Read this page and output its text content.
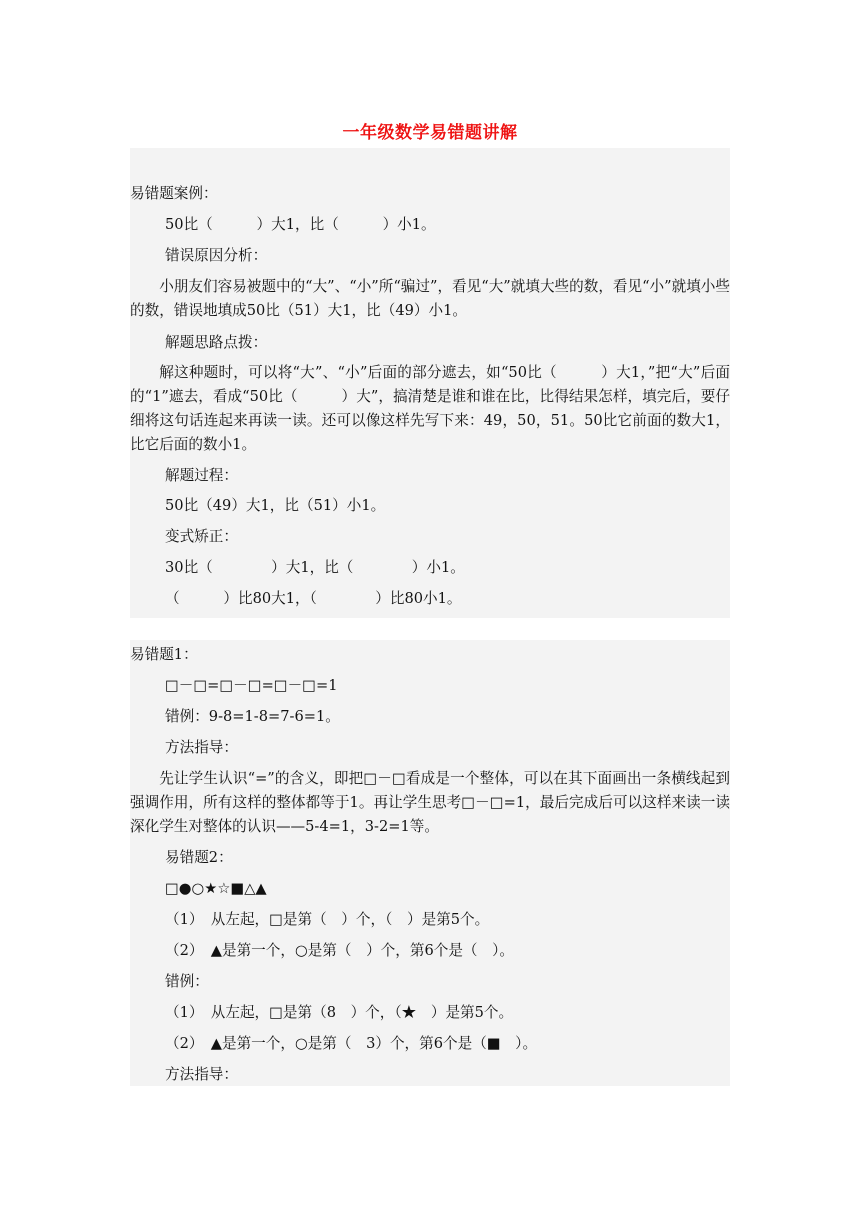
一年级数学易错题讲解
易错题案例：
50比（　　　）大1，比（　　　）小1。
错误原因分析：
小朋友们容易被题中的“大”、“小”所“骗过”，看见“大”就填大些的数，看见“小”就填小些的数，错误地填成50比（51）大1，比（49）小1。
解题思路点拨：
解这种题时，可以将“大”、“小”后面的部分遮去，如“50比（　　　）大1，”把“大”后面的“1”遮去，看成“50比（　　　）大”，搞清楚是谁和谁在比，比得结果怎样，填完后，要仔细将这句话连起来再读一读。还可以像这样先写下来：49，50，51。50比它前面的数大1，比它后面的数小1。
解题过程：
50比（49）大1，比（51）小1。
变式矫正：
30比（　　　　）大1，比（　　　　）小1。
（　　　）比80大1，（　　　　）比80小1。
易错题1：
□－□=□－□=□－□=1
错例：9-8=1-8=7-6=1。
方法指导：
先让学生认识“=”的含义，即把□－□看成是一个整体，可以在其下面画出一条横线起到强调作用，所有这样的整体都等于1。再让学生思考□－□=1，最后完成后可以这样来读一读深化学生对整体的认识——5-4=1，3-2=1等。
易错题2：
□●○★☆■△▲
（1）　从左起，□是第（　）个，（　）是第5个。
（2）　▲是第一个，○是第（　）个，第6个是（　）。
错例：
（1）　从左起，□是第（8　）个，（★　）是第5个。
（2）　▲是第一个，○是第（　3）个，第6个是（■　）。
方法指导：
